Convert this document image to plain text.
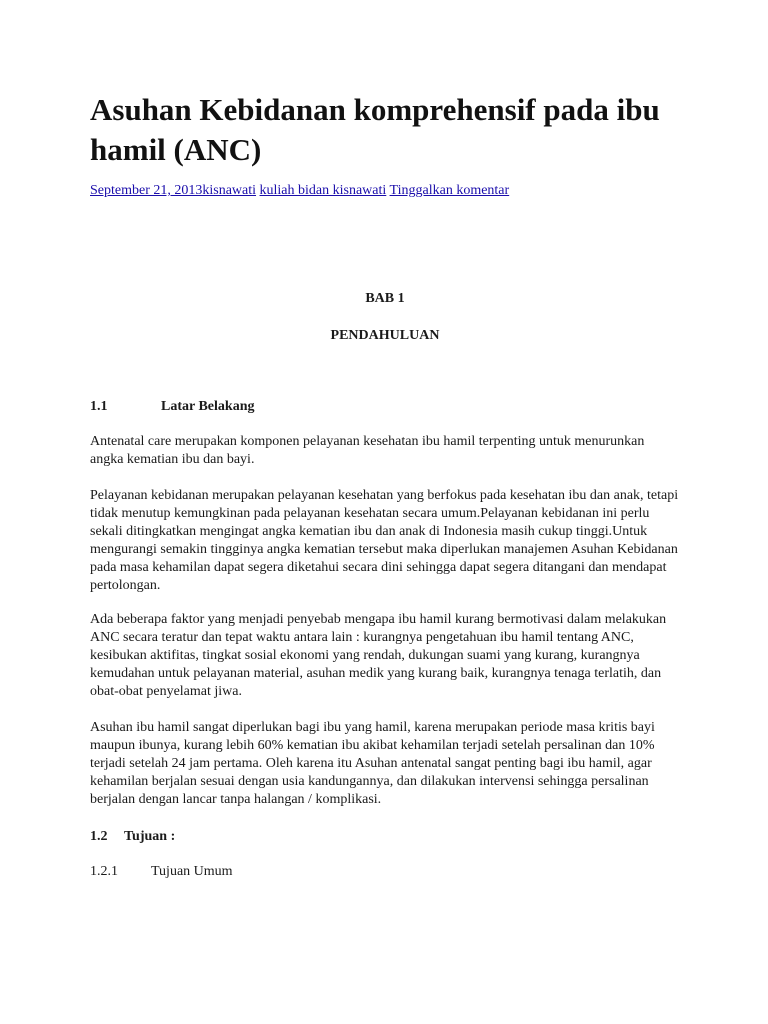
Asuhan Kebidanan komprehensif pada ibu hamil (ANC)
September 21, 2013kisnawati kuliah bidan kisnawati Tinggalkan komentar

BAB 1

PENDAHULUAN

1.1	Latar Belakang

Antenatal care merupakan komponen pelayanan kesehatan ibu hamil terpenting untuk menurunkan angka kematian ibu dan bayi.

Pelayanan kebidanan merupakan pelayanan kesehatan yang berfokus pada kesehatan ibu dan anak, tetapi tidak menutup kemungkinan pada pelayanan kesehatan secara umum.Pelayanan kebidanan ini perlu sekali ditingkatkan mengingat angka kematian ibu dan anak di Indonesia masih cukup tinggi.Untuk mengurangi semakin tingginya angka kematian tersebut maka diperlukan manajemen Asuhan Kebidanan pada masa kehamilan dapat segera diketahui secara dini sehingga dapat segera ditangani dan mendapat pertolongan.

Ada beberapa faktor yang menjadi penyebab mengapa ibu hamil kurang bermotivasi dalam melakukan ANC secara teratur dan tepat waktu antara lain : kurangnya pengetahuan ibu hamil tentang ANC, kesibukan aktifitas, tingkat sosial ekonomi yang rendah, dukungan suami yang kurang, kurangnya kemudahan untuk pelayanan material, asuhan medik yang kurang baik, kurangnya tenaga terlatih, dan obat-obat penyelamat jiwa.

Asuhan ibu hamil sangat diperlukan bagi ibu yang hamil, karena merupakan periode masa kritis bayi maupun ibunya, kurang lebih 60% kematian ibu akibat kehamilan terjadi setelah persalinan dan 10% terjadi setelah 24 jam pertama. Oleh karena itu Asuhan antenatal sangat penting bagi ibu hamil, agar kehamilan berjalan sesuai dengan usia kandungannya, dan dilakukan intervensi sehingga persalinan berjalan dengan lancar tanpa halangan / komplikasi.

1.2 Tujuan :
1.2.1 Tujuan Umum
